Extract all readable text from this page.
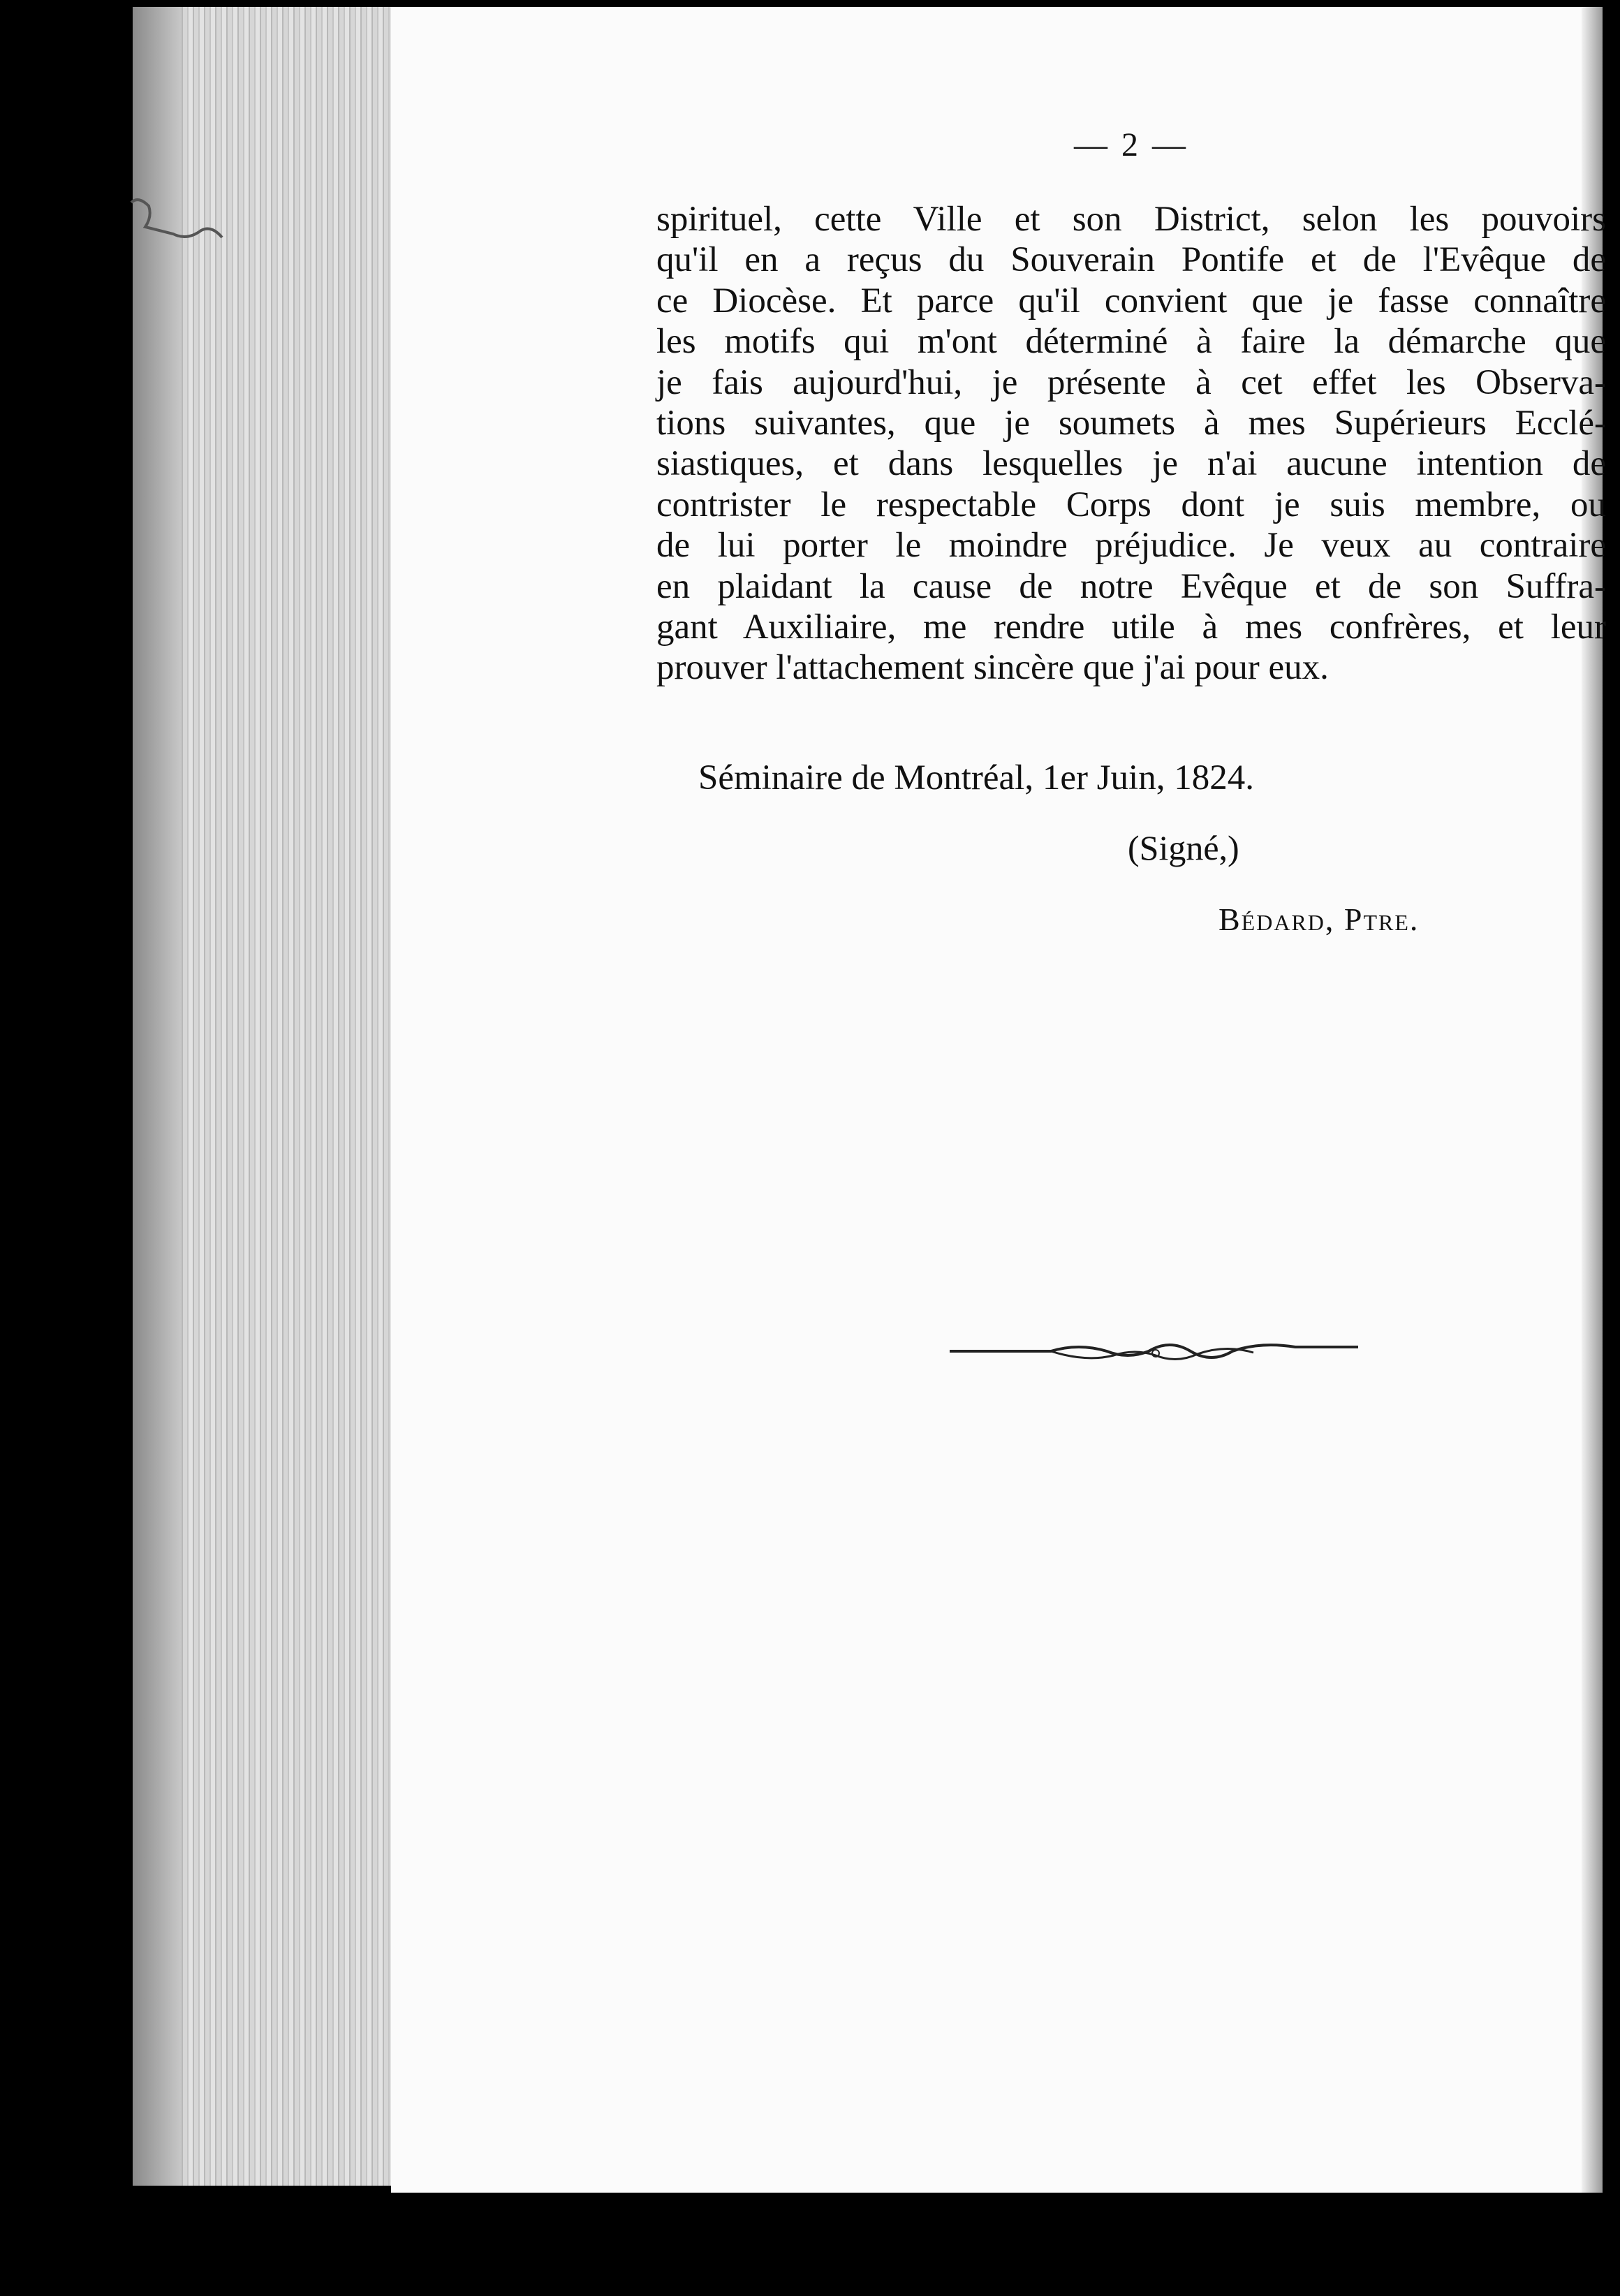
— 2 —
spirituel, cette Ville et son District, selon les pouvoirs
qu'il en a reçus du Souverain Pontife et de l'Evêque de
ce Diocèse. Et parce qu'il convient que je fasse connaître
les motifs qui m'ont déterminé à faire la démarche que
je fais aujourd'hui, je présente à cet effet les Observa-
tions suivantes, que je soumets à mes Supérieurs Ecclé-
siastiques, et dans lesquelles je n'ai aucune intention de
contrister le respectable Corps dont je suis membre, ou
de lui porter le moindre préjudice. Je veux au contraire
en plaidant la cause de notre Evêque et de son Suffra-
gant Auxiliaire, me rendre utile à mes confrères, et leur
prouver l'attachement sincère que j'ai pour eux.
Séminaire de Montréal, 1er Juin, 1824.
(Signé,)
Bédard, Ptre.
